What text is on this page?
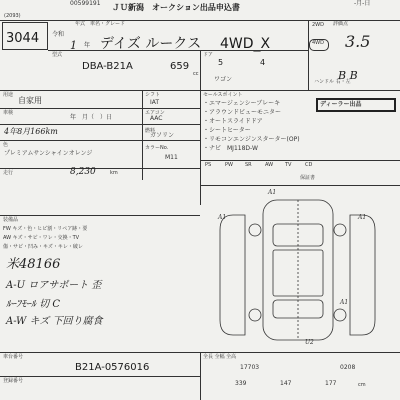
00599191 ＪＵ新潟　オークション出品申込書	-月-日
(2093)
3044
年式　車名・グレード
令和
1 年 デイズ ルークス 4WD_X
2WD
4WD
評価点
3.5
B B
型式
DBA-B21A	659
cc
ドア
5	4
ワゴン	ハンドル 右・左
用途
自家用
車検
年　月（　）日
4年8月166km
色
プレミアムサンシャインオレンジ
走行	8,230	km
シフト
IAT
エアコン
AAC
燃料
ガソリン
カラーNo.
M11
セールスポイント
・エマージェンシーブレーキ
・アラウンドビューモニター
・オートスライドドア
・シートヒーター
・リモコンエンジンスターター(OP)
・ナビ　MJ118D-W
ディーラー出品
PS	PW SR	AW TV	CD
保証書
A1
A1	A1
A1
U2
装備品
FW キズ・色・ヒビ割・リペア跡・要
AW キズ・サビ・ワレ・交換・TV
傷・サビ・凹み・キズ・キレ・破レ
米48166
A-U ロアサポート 歪
ﾙｰﾌﾓｰﾙ 切 C
A-W キズ 下回り腐食
車台番号
B21A-0576016
登録番号
全長 全幅 全高
17703	0208
339	147	177	cm
